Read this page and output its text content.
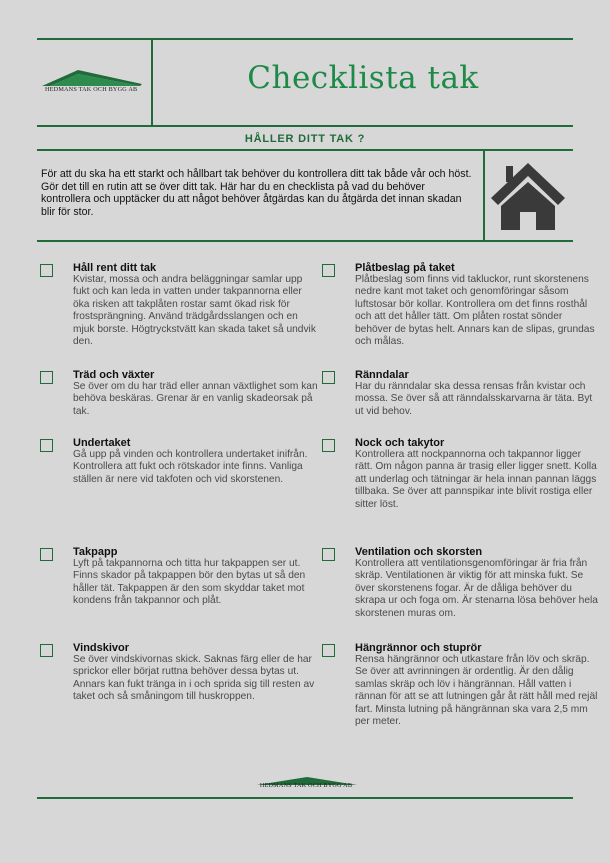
HEDMANS TAK OCH BYGG AB	Checklista tak
HÅLLER DITT TAK ?
För att du ska ha ett starkt och hållbart tak behöver du kontrollera ditt tak både vår och höst. Gör det till en rutin att se över ditt tak. Här har du en checklista på vad du behöver kontrollera och upptäcker du att något behöver åtgärdas kan du åtgärda det innan skadan blir för stor.
Håll rent ditt tak
Kvistar, mossa och andra beläggningar samlar upp fukt och kan leda in vatten under takpannorna eller öka risken att takplåten rostar samt ökad risk för frostsprängning. Använd trädgårdsslangen och en mjuk borste. Högtryckstvätt kan skada taket så undvik den.
Träd och växter
Se över om du har träd eller annan växtlighet som kan behöva beskäras. Grenar är en vanlig skadeorsak på tak.
Undertaket
Gå upp på vinden och kontrollera undertaket inifrån. Kontrollera att fukt och rötskador inte finns. Vanliga ställen är nere vid takfoten och vid skorstenen.
Takpapp
Lyft på takpannorna och titta hur takpappen ser ut. Finns skador på takpappen bör den bytas ut så den håller tät. Takpappen är den som skyddar taket mot kondens från takpannor och plåt.
Vindskivor
Se över vindskivornas skick. Saknas färg eller de har sprickor eller börjat ruttna behöver dessa bytas ut. Annars kan fukt tränga in i och sprida sig till resten av taket och så småningom till huskroppen.
Plåtbeslag på taket
Plåtbeslag som finns vid takluckor, runt skorstenens nedre kant mot taket och genomföringar såsom luftstosar bör kollar. Kontrollera om det finns rosthål och att det håller tätt. Om plåten rostat sönder behöver de bytas helt. Annars kan de slipas, grundas och målas.
Ränndalar
Har du ränndalar ska dessa rensas från kvistar och mossa. Se över så att ränndalsskarvarna är täta. Byt ut vid behov.
Nock och takytor
Kontrollera att nockpannorna och takpannor ligger rätt. Om någon panna är trasig eller ligger snett. Kolla att underlag och tätningar är hela innan pannan läggs tillbaka. Se över att pannspikar inte blivit rostiga eller sitter löst.
Ventilation och skorsten
Kontrollera att ventilationsgenomföringar är fria från skräp. Ventilationen är viktig för att minska fukt. Se över skorstenens fogar. Är de dåliga behöver du skrapa ur och foga om. Är stenarna lösa behöver hela skorstenen muras om.
Hängrännor och stuprör
Rensa hängrännor och utkastare från löv och skräp. Se över att avrinningen är ordentlig. Är den dålig samlas skräp och löv i hängrännan. Håll vatten i rännan för att se att lutningen går åt rätt håll med rejäl fart. Minsta lutning på hängrännan ska vara 2,5 mm per meter.
HEDMANS TAK OCH BYGG AB
